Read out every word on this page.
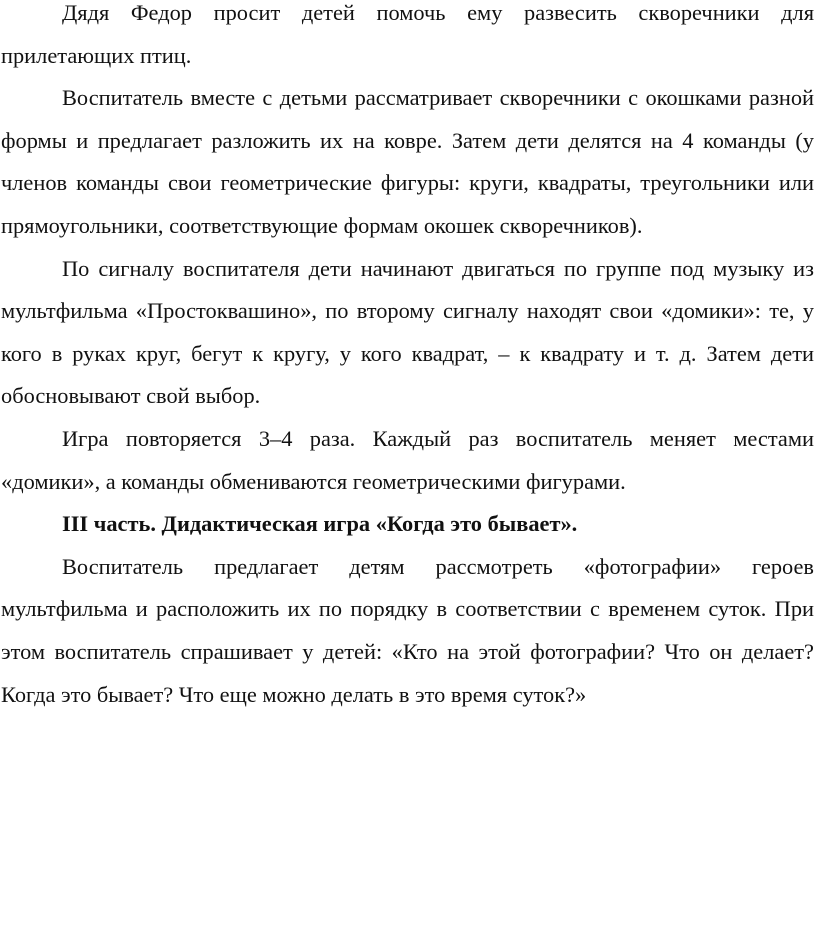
Дядя Федор просит детей помочь ему развесить скворечники для прилетающих птиц.

Воспитатель вместе с детьми рассматривает скворечники с окошками разной формы и предлагает разложить их на ковре. Затем дети делятся на 4 команды (у членов команды свои геометрические фигуры: круги, квадраты, треугольники или прямоугольники, соответствующие формам окошек скворечников).

По сигналу воспитателя дети начинают двигаться по группе под музыку из мультфильма «Простоквашино», по второму сигналу находят свои «домики»: те, у кого в руках круг, бегут к кругу, у кого квадрат, – к квадрату и т. д. Затем дети обосновывают свой выбор.

Игра повторяется 3–4 раза. Каждый раз воспитатель меняет местами «домики», а команды обмениваются геометрическими фигурами.

III часть. Дидактическая игра «Когда это бывает».

Воспитатель предлагает детям рассмотреть «фотографии» героев мультфильма и расположить их по порядку в соответствии с временем суток. При этом воспитатель спрашивает у детей: «Кто на этой фотографии? Что он делает? Когда это бывает? Что еще можно делать в это время суток?»
